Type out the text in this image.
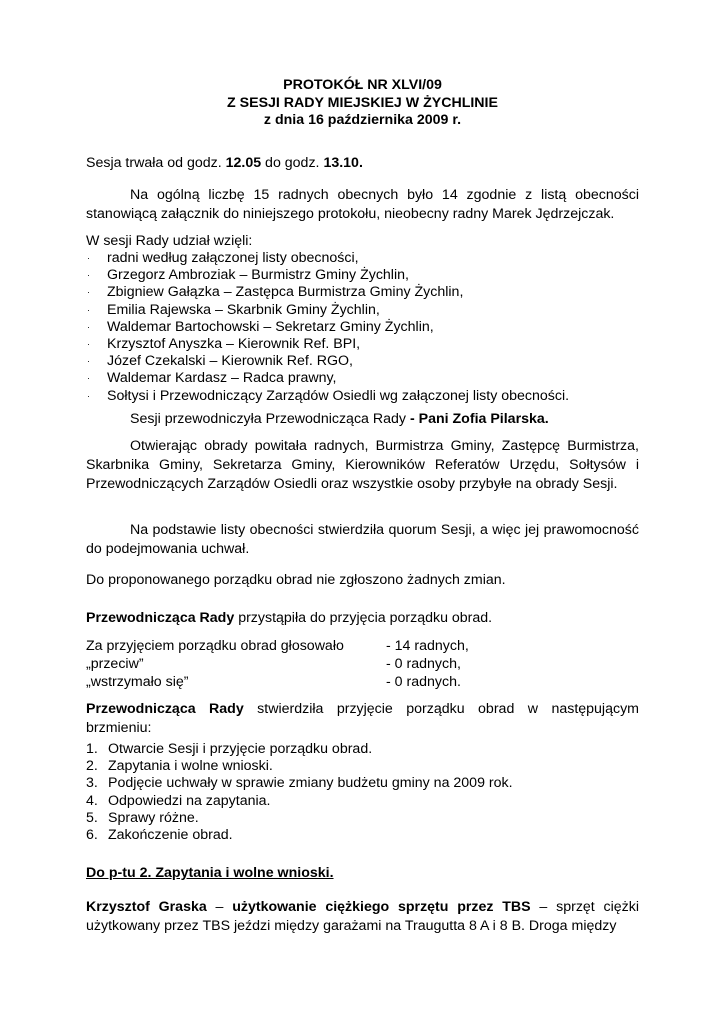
PROTOKÓŁ NR XLVI/09
Z SESJI RADY MIEJSKIEJ W ŻYCHLINIE
z dnia 16 października 2009 r.
Sesja trwała od godz. 12.05 do godz. 13.10.
Na ogólną liczbę 15 radnych obecnych było 14 zgodnie z listą obecności stanowiącą załącznik do niniejszego protokołu, nieobecny radny Marek Jędrzejczak.
W sesji Rady udział wzięli:
· radni według załączonej listy obecności,
· Grzegorz Ambroziak – Burmistrz Gminy Żychlin,
· Zbigniew Gałązka – Zastępca Burmistrza Gminy Żychlin,
· Emilia Rajewska – Skarbnik Gminy Żychlin,
· Waldemar Bartochowski – Sekretarz Gminy Żychlin,
· Krzysztof Anyszka – Kierownik Ref. BPI,
· Józef Czekalski – Kierownik Ref. RGO,
· Waldemar Kardasz – Radca prawny,
· Sołtysi i Przewodniczący Zarządów Osiedli wg załączonej listy obecności.
Sesji przewodniczyła Przewodnicząca Rady - Pani Zofia Pilarska.
Otwierając obrady powitała radnych, Burmistrza Gminy, Zastępcę Burmistrza, Skarbnika Gminy, Sekretarza Gminy, Kierowników Referatów Urzędu, Sołtysów i Przewodniczących Zarządów Osiedli oraz wszystkie osoby przybyłe na obrady Sesji.
Na podstawie listy obecności stwierdziła quorum Sesji, a więc jej prawomocność do podejmowania uchwał.
Do proponowanego porządku obrad nie zgłoszono żadnych zmian.
Przewodnicząca Rady przystąpiła do przyjęcia porządku obrad.
Za przyjęciem porządku obrad głosowało	- 14 radnych,
„przeciw”	- 0 radnych,
„wstrzymało się”	- 0 radnych.
Przewodnicząca Rady stwierdziła przyjęcie porządku obrad w następującym brzmieniu:
1. Otwarcie Sesji i przyjęcie porządku obrad.
2. Zapytania i wolne wnioski.
3. Podjęcie uchwały w sprawie zmiany budżetu gminy na 2009 rok.
4. Odpowiedzi na zapytania.
5. Sprawy różne.
6. Zakończenie obrad.
Do p-tu 2. Zapytania i wolne wnioski.
Krzysztof Graska – użytkowanie ciężkiego sprzętu przez TBS – sprzęt ciężki użytkowany przez TBS jeździ między garażami na Traugutta 8 A i 8 B. Droga między
